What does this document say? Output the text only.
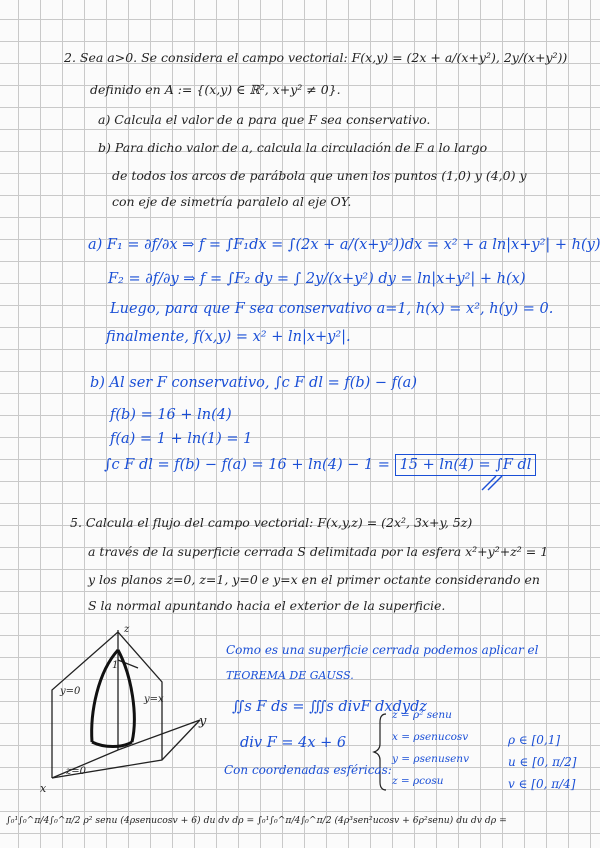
2. Sea a>0. Se considera el campo vectorial: F(x,y) = (2x + a/(x+y²), 2y/(x+y²))
definido en A := {(x,y) ∈ ℝ², x+y² ≠ 0}.
a) Calcula el valor de a para que F sea conservativo.
b) Para dicho valor de a, calcula la circulación de F a lo largo
de todos los arcos de parábola que unen los puntos (1,0) y (4,0) y
con eje de simetría paralelo al eje OY.
a) F₁ = ∂f/∂x ⇒ f = ∫F₁dx = ∫(2x + a/(x+y²))dx = x² + a ln|x+y²| + h(y)
F₂ = ∂f/∂y ⇒ f = ∫F₂ dy = ∫ 2y/(x+y²) dy = ln|x+y²| + h(x)
Luego, para que F sea conservativo a=1, h(x) = x², h(y) = 0.
finalmente, f(x,y) = x² + ln|x+y²|.
b) Al ser F conservativo, ∫c F dl = f(b) − f(a)
f(b) = 16 + ln(4)
f(a) = 1 + ln(1) = 1
∫c F dl = f(b) − f(a) = 16 + ln(4) − 1 = 15 + ln(4) = ∫F dl
5. Calcula el flujo del campo vectorial: F(x,y,z) = (2x², 3x+y, 5z)
a través de la superficie cerrada S delimitada por la esfera x²+y²+z² = 1
y los planos z=0, z=1, y=0 e y=x en el primer octante considerando en
S la normal apuntando hacia el exterior de la superficie.
z
y
x
1
y=0
z=0
y=x
Como es una superficie cerrada podemos aplicar el
TEOREMA DE GAUSS.
∬s F ds = ∭s divF dxdydz
div F = 4x + 6
Con coordenadas esféricas:
z = ρ² senu
x = ρsenucosv
y = ρsenusenv
z = ρcosu
ρ ∈ [0,1]
u ∈ [0, π/2]
v ∈ [0, π/4]
∫₀¹∫₀^π/4∫₀^π/2 ρ² senu (4ρsenucosv + 6) du dv dρ = ∫₀¹∫₀^π/4∫₀^π/2 (4ρ³sen²ucosv + 6ρ²senu) du dv dρ =
